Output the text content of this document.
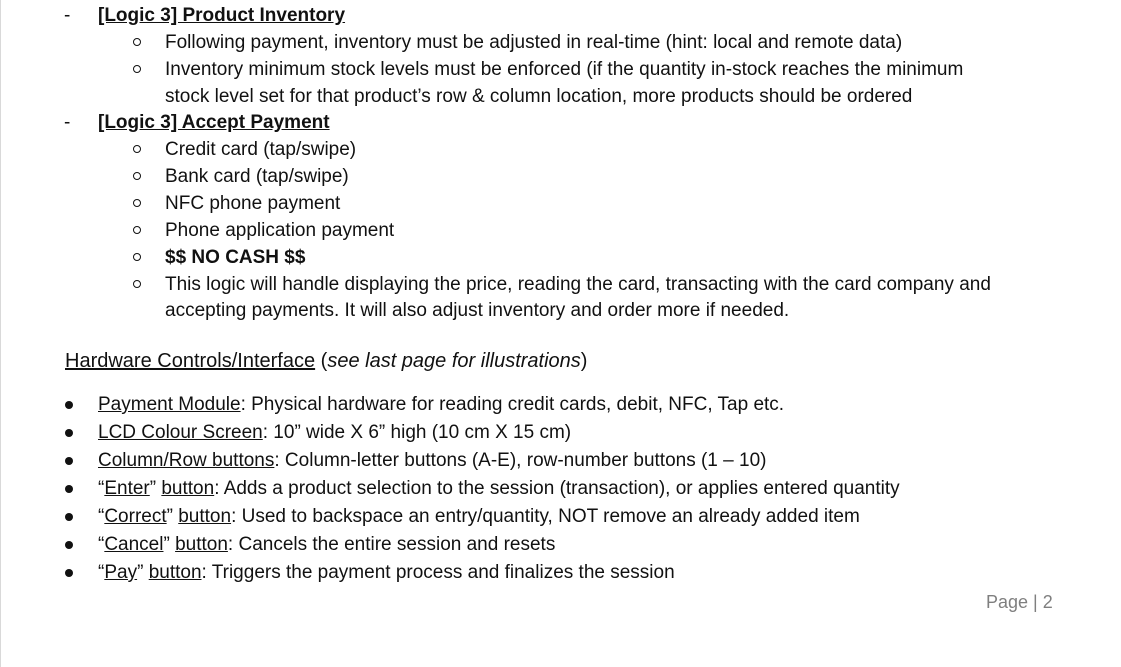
- [Logic 3] Product Inventory
Following payment, inventory must be adjusted in real-time (hint: local and remote data)
Inventory minimum stock levels must be enforced (if the quantity in-stock reaches the minimum
stock level set for that product’s row & column location, more products should be ordered
- [Logic 3] Accept Payment
Credit card (tap/swipe)
Bank card (tap/swipe)
NFC phone payment
Phone application payment
$$ NO CASH $$
This logic will handle displaying the price, reading the card, transacting with the card company and
accepting payments. It will also adjust inventory and order more if needed.
Hardware Controls/Interface (see last page for illustrations)
Payment Module: Physical hardware for reading credit cards, debit, NFC, Tap etc.
LCD Colour Screen: 10” wide X 6” high (10 cm X 15 cm)
Column/Row buttons: Column-letter buttons (A-E), row-number buttons (1 – 10)
“Enter” button: Adds a product selection to the session (transaction), or applies entered quantity
“Correct” button: Used to backspace an entry/quantity, NOT remove an already added item
“Cancel” button: Cancels the entire session and resets
“Pay” button: Triggers the payment process and finalizes the session
Page | 2
